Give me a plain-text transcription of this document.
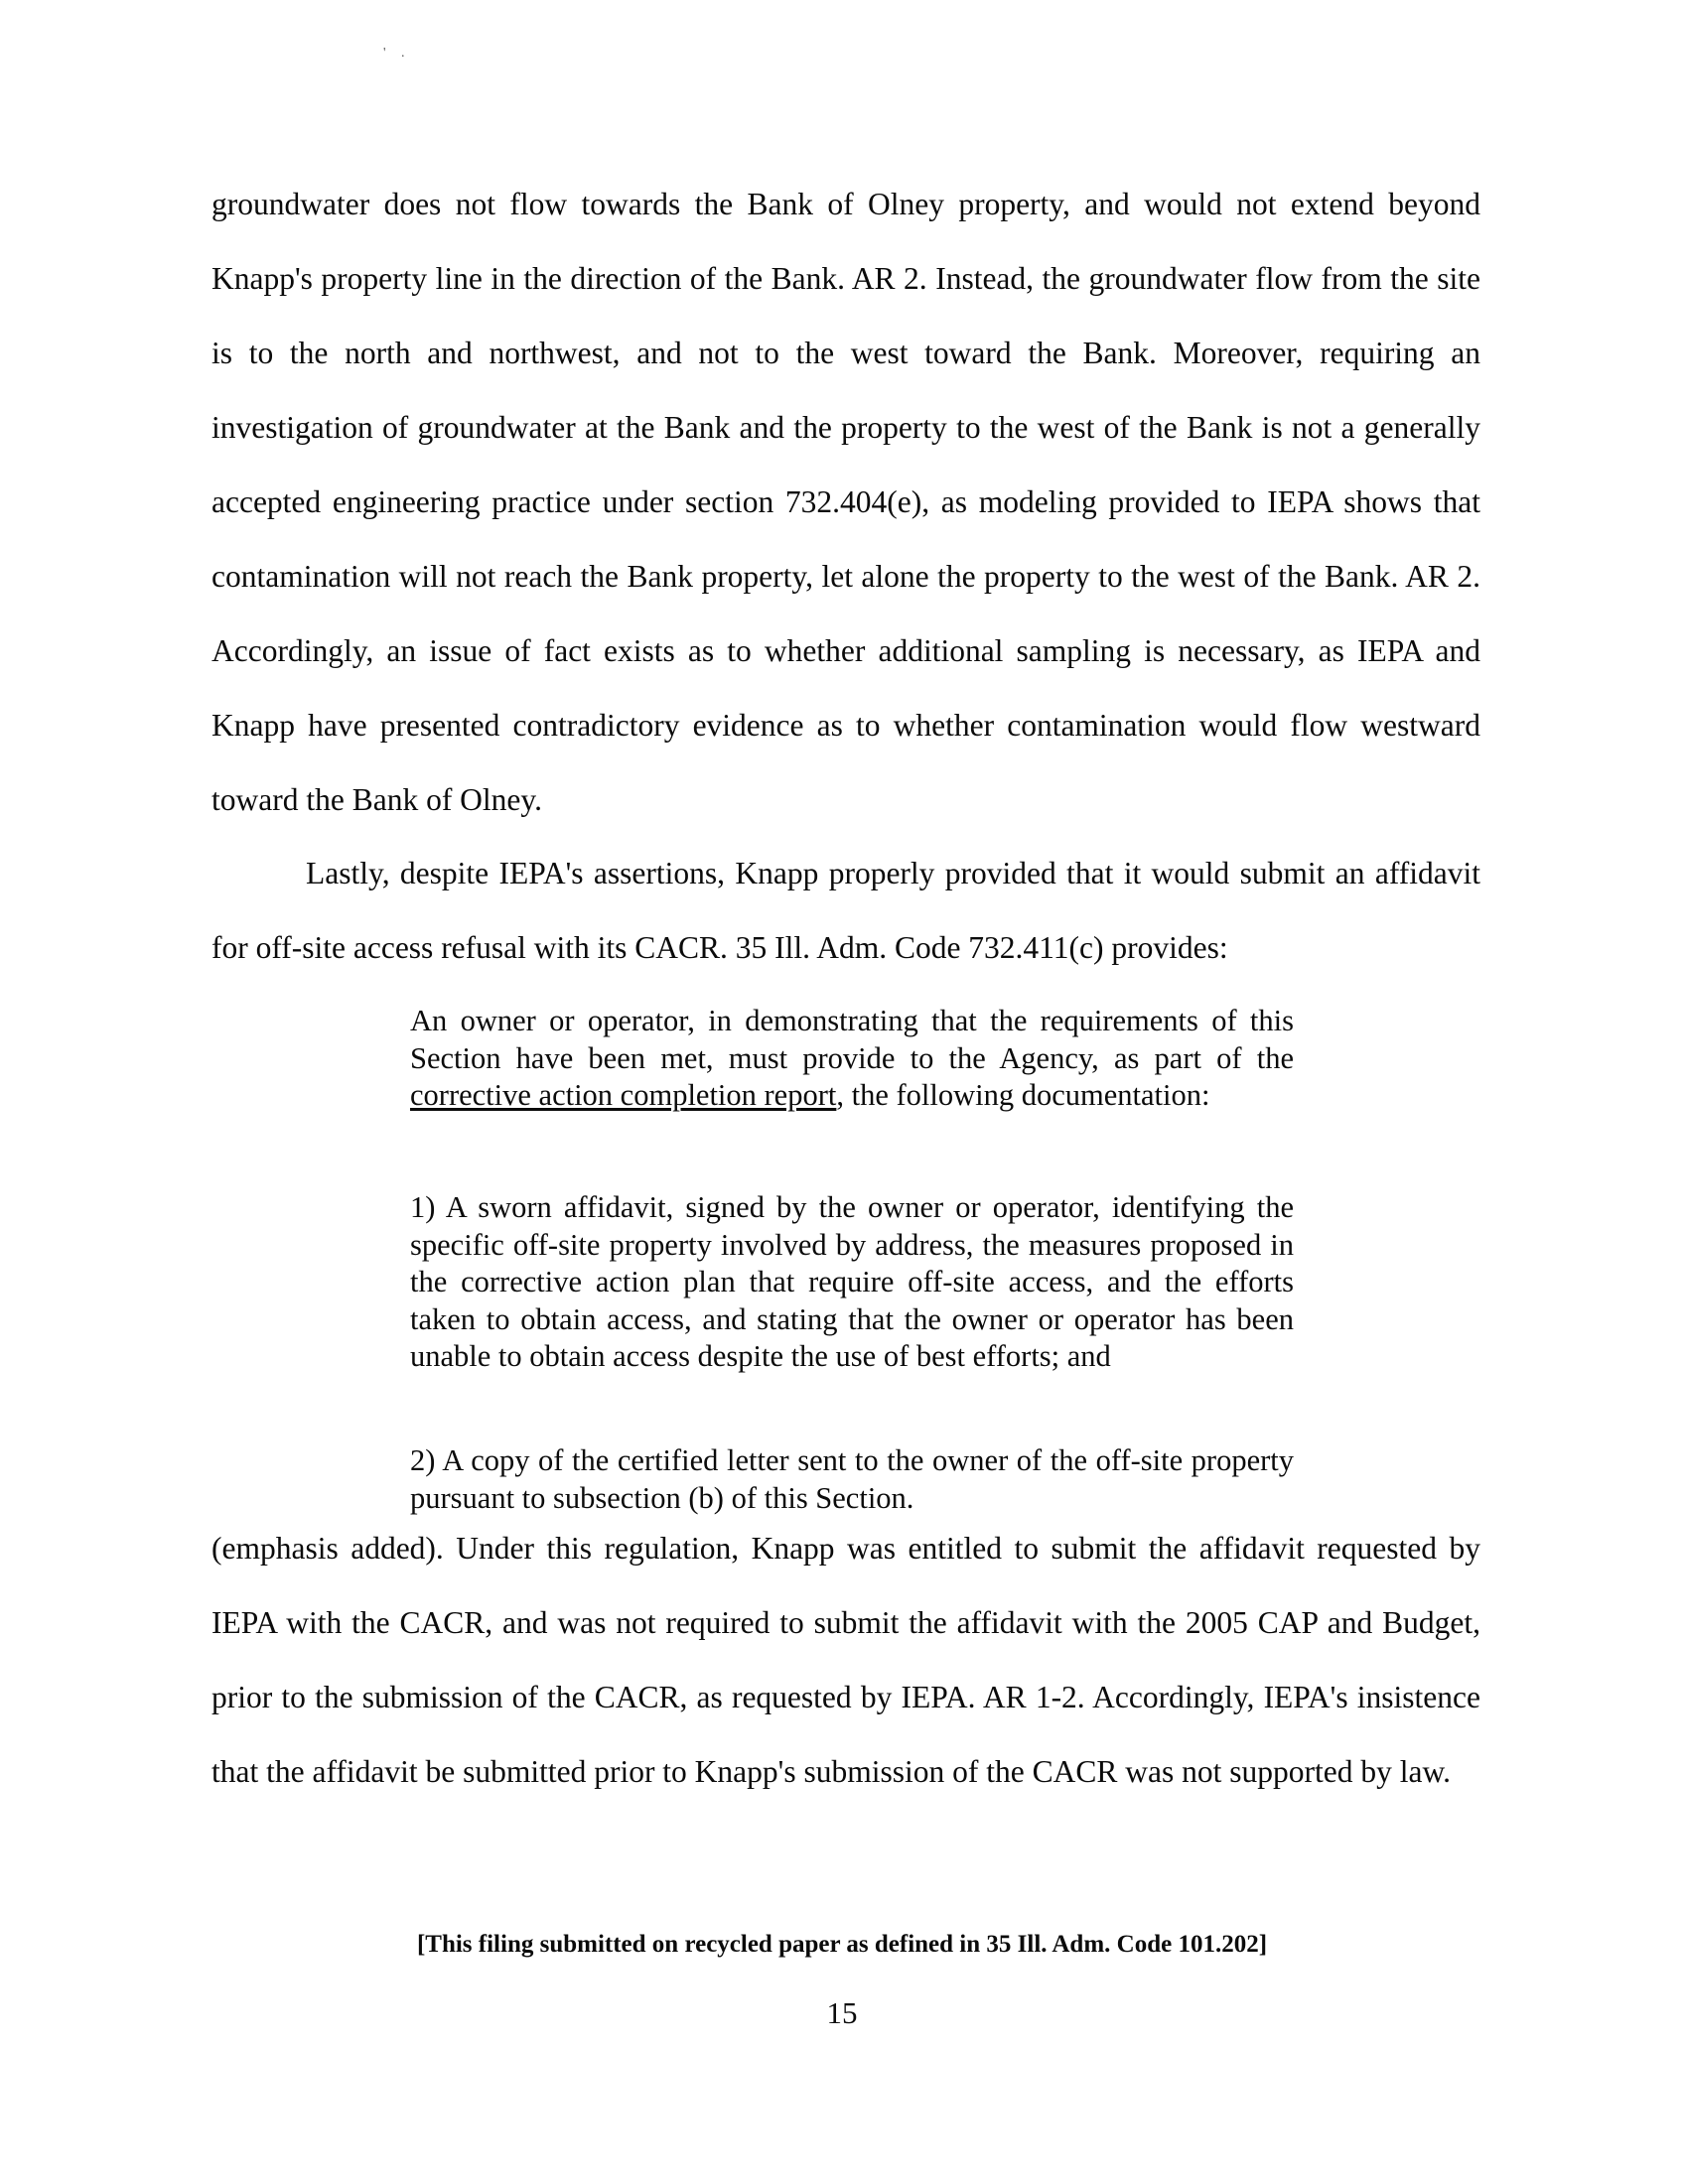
' .

groundwater does not flow towards the Bank of Olney property, and would not extend beyond Knapp's property line in the direction of the Bank. AR 2. Instead, the groundwater flow from the site is to the north and northwest, and not to the west toward the Bank. Moreover, requiring an investigation of groundwater at the Bank and the property to the west of the Bank is not a generally accepted engineering practice under section 732.404(e), as modeling provided to IEPA shows that contamination will not reach the Bank property, let alone the property to the west of the Bank. AR 2. Accordingly, an issue of fact exists as to whether additional sampling is necessary, as IEPA and Knapp have presented contradictory evidence as to whether contamination would flow westward toward the Bank of Olney.

Lastly, despite IEPA's assertions, Knapp properly provided that it would submit an affidavit for off-site access refusal with its CACR. 35 Ill. Adm. Code 732.411(c) provides:

An owner or operator, in demonstrating that the requirements of this Section have been met, must provide to the Agency, as part of the corrective action completion report, the following documentation:

1) A sworn affidavit, signed by the owner or operator, identifying the specific off-site property involved by address, the measures proposed in the corrective action plan that require off-site access, and the efforts taken to obtain access, and stating that the owner or operator has been unable to obtain access despite the use of best efforts; and

2) A copy of the certified letter sent to the owner of the off-site property pursuant to subsection (b) of this Section.

(emphasis added). Under this regulation, Knapp was entitled to submit the affidavit requested by IEPA with the CACR, and was not required to submit the affidavit with the 2005 CAP and Budget, prior to the submission of the CACR, as requested by IEPA. AR 1-2. Accordingly, IEPA's insistence that the affidavit be submitted prior to Knapp's submission of the CACR was not supported by law.

[This filing submitted on recycled paper as defined in 35 Ill. Adm. Code 101.202]
15
